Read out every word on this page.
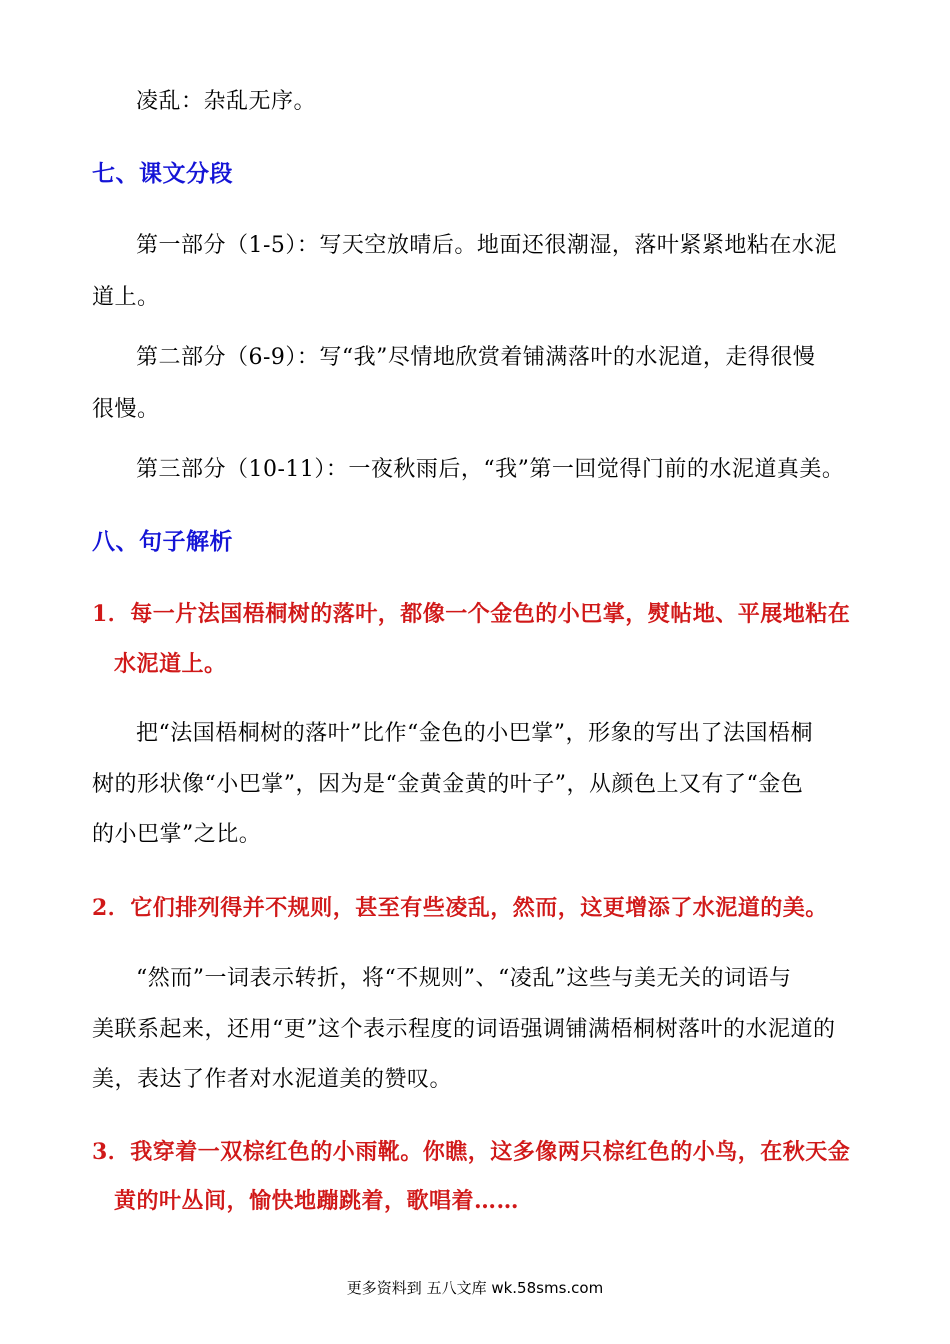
凌乱：杂乱无序。
七、课文分段
第一部分（1-5）：写天空放晴后。地面还很潮湿，落叶紧紧地粘在水泥
道上。
第二部分（6-9）：写“我”尽情地欣赏着铺满落叶的水泥道，走得很慢
很慢。
第三部分（10-11）：一夜秋雨后，“我”第一回觉得门前的水泥道真美。
八、句子解析
1．每一片法国梧桐树的落叶，都像一个金色的小巴掌，熨帖地、平展地粘在
水泥道上。
把“法国梧桐树的落叶”比作“金色的小巴掌”，形象的写出了法国梧桐
树的形状像“小巴掌”，因为是“金黄金黄的叶子”，从颜色上又有了“金色
的小巴掌”之比。
2．它们排列得并不规则，甚至有些凌乱，然而，这更增添了水泥道的美。
“然而”一词表示转折，将“不规则”、“凌乱”这些与美无关的词语与
美联系起来，还用“更”这个表示程度的词语强调铺满梧桐树落叶的水泥道的
美，表达了作者对水泥道美的赞叹。
3．我穿着一双棕红色的小雨靴。你瞧，这多像两只棕红色的小鸟，在秋天金
黄的叶丛间，愉快地蹦跳着，歌唱着……
更多资料到 五八文库 wk.58sms.com
